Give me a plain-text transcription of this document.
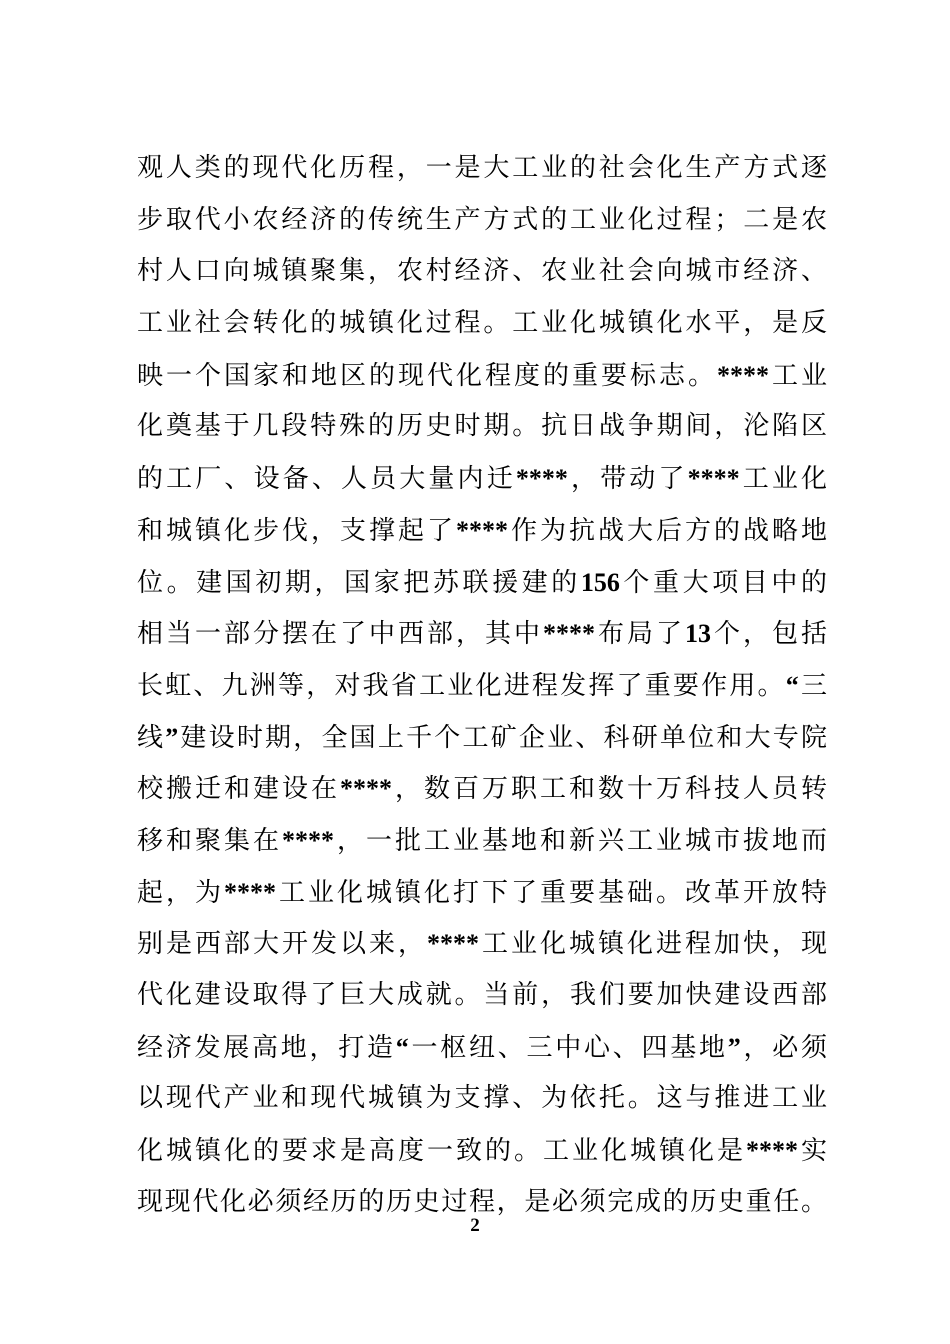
观人类的现代化历程，一是大工业的社会化生产方式逐
步取代小农经济的传统生产方式的工业化过程；二是农
村人口向城镇聚集，农村经济、农业社会向城市经济、
工业社会转化的城镇化过程。工业化城镇化水平，是反
映一个国家和地区的现代化程度的重要标志。****工业
化奠基于几段特殊的历史时期。抗日战争期间，沦陷区
的工厂、设备、人员大量内迁****，带动了****工业化
和城镇化步伐，支撑起了****作为抗战大后方的战略地
位。建国初期，国家把苏联援建的156个重大项目中的
相当一部分摆在了中西部，其中****布局了13个，包括
长虹、九洲等，对我省工业化进程发挥了重要作用。“三
线”建设时期，全国上千个工矿企业、科研单位和大专院
校搬迁和建设在****，数百万职工和数十万科技人员转
移和聚集在****，一批工业基地和新兴工业城市拔地而
起，为****工业化城镇化打下了重要基础。改革开放特
别是西部大开发以来，****工业化城镇化进程加快，现
代化建设取得了巨大成就。当前，我们要加快建设西部
经济发展高地，打造“一枢纽、三中心、四基地”，必须
以现代产业和现代城镇为支撑、为依托。这与推进工业
化城镇化的要求是高度一致的。工业化城镇化是****实
现现代化必须经历的历史过程，是必须完成的历史重任。
2
